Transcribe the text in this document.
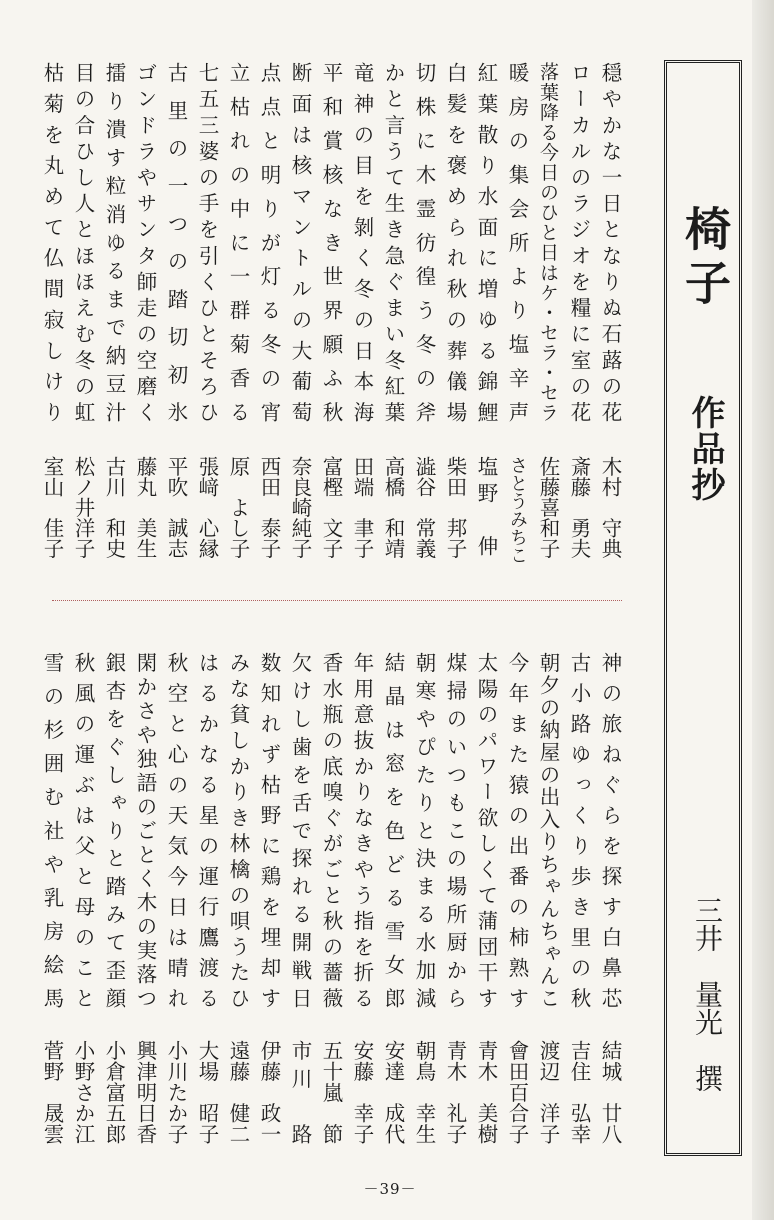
椅子
作品抄
三井　量光　撰
穏やかな一日となりぬ石蕗の花
木村　守典
ローカルのラジオを糧に室の花
斎藤　勇夫
落葉降る今日のひと日はケ・セラ・セラ
佐藤喜和子
暖房の集会所より塩辛声
さとうみちこ
紅葉散り水面に増ゆる錦鯉
塩野　伸
白髪を褒められ秋の葬儀場
柴田　邦子
切株に木霊彷徨う冬の斧
澁谷　常義
かと言うて生き急ぐまい冬紅葉
高橋　和靖
竜神の目を剝く冬の日本海
田端　聿子
平和賞核なき世界願ふ秋
富樫　文子
断面は核マントルの大葡萄
奈良崎純子
点点と明りが灯る冬の宵
西田　泰子
立枯れの中に一群菊香る
原　よし子
七五三婆の手を引くひとそろひ
張﨑　心縁
古里の一つの踏切初氷
平吹　誠志
ゴンドラやサンタ師走の空磨く
藤丸　美生
擂り潰す粒消ゆるまで納豆汁
古川　和史
目の合ひし人とほほえむ冬の虹
松ノ井洋子
枯菊を丸めて仏間寂しけり
室山　佳子
神の旅ねぐらを探す白鼻芯
結城　廿八
古小路ゆっくり歩き里の秋
吉住　弘幸
朝夕の納屋の出入りちゃんちゃんこ
渡辺　洋子
今年また猿の出番の柿熟す
會田百合子
太陽のパワー欲しくて蒲団干す
青木　美樹
煤掃のいつもこの場所厨から
青木　礼子
朝寒やぴたりと決まる水加減
朝鳥　幸生
結晶は窓を色どる雪女郎
安達　成代
年用意抜かりなきやう指を折る
安藤　幸子
香水瓶の底嗅ぐがごと秋の薔薇
五十嵐　節
欠けし歯を舌で探れる開戦日
市川　路
数知れず枯野に鶏を埋却す
伊藤　政一
みな貧しかりき林檎の唄うたひ
遠藤　健二
はるかなる星の運行鷹渡る
大場　昭子
秋空と心の天気今日は晴れ
小川たか子
閑かさや独語のごとく木の実落つ
興津明日香
銀杏をぐしゃりと踏みて歪顔
小倉富五郎
秋風の運ぶは父と母のこと
小野さか江
雪の杉囲む社や乳房絵馬
菅野　晟雲
－39－
